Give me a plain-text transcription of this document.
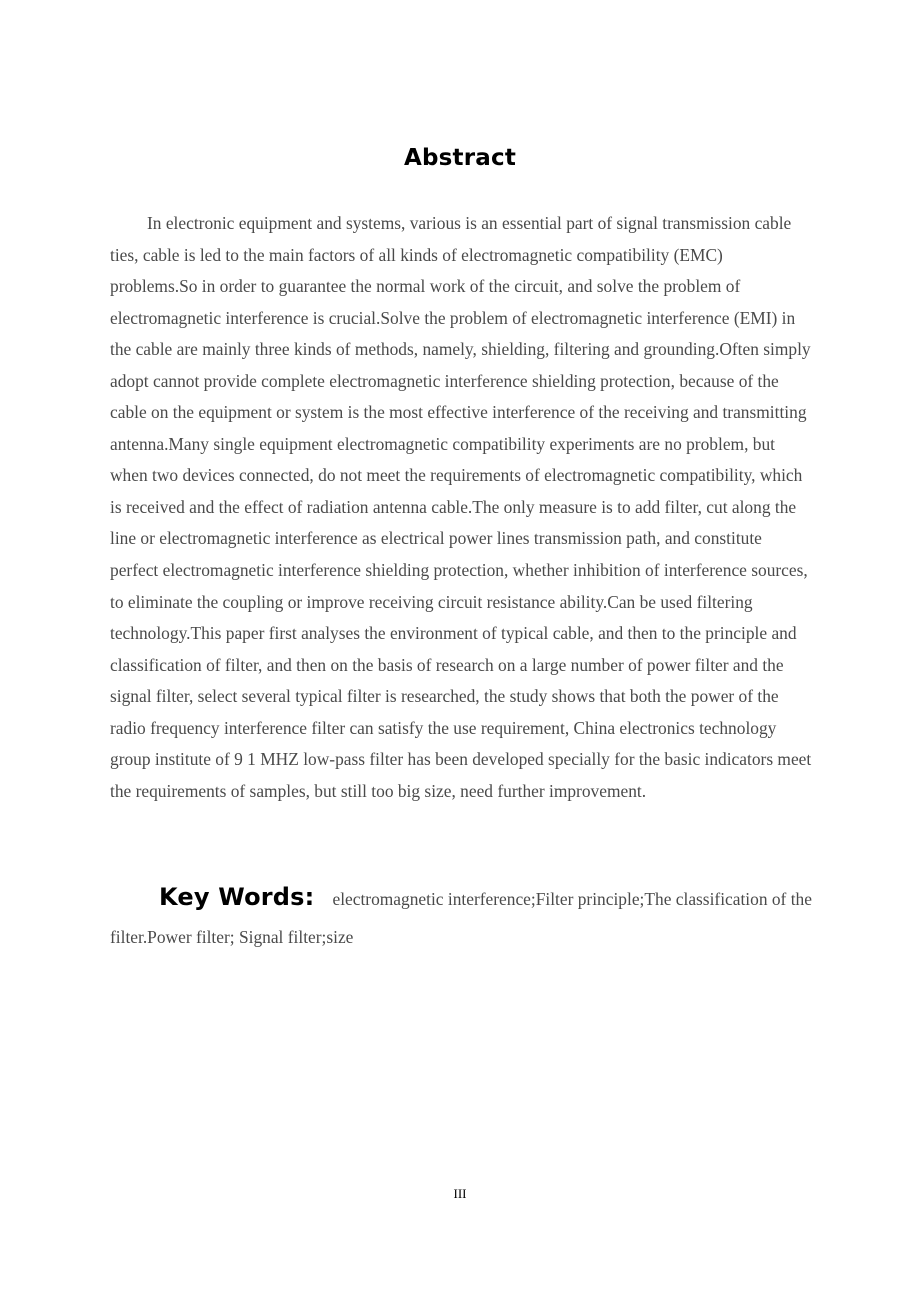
Abstract

In electronic equipment and systems, various is an essential part of signal transmission cable ties, cable is led to the main factors of all kinds of electromagnetic compatibility (EMC) problems.So in order to guarantee the normal work of the circuit, and solve the problem of electromagnetic interference is crucial.Solve the problem of electromagnetic interference (EMI) in the cable are mainly three kinds of methods, namely, shielding, filtering and grounding.Often simply adopt cannot provide complete electromagnetic interference shielding protection, because of the cable on the equipment or system is the most effective interference of the receiving and transmitting antenna.Many single equipment electromagnetic compatibility experiments are no problem, but when two devices connected, do not meet the requirements of electromagnetic compatibility, which is received and the effect of radiation antenna cable.The only measure is to add filter, cut along the line or electromagnetic interference as electrical power lines transmission path, and constitute perfect electromagnetic interference shielding protection, whether inhibition of interference sources, to eliminate the coupling or improve receiving circuit resistance ability.Can be used filtering technology.This paper first analyses the environment of typical cable, and then to the principle and classification of filter, and then on the basis of research on a large number of power filter and the signal filter, select several typical filter is researched, the study shows that both the power of the radio frequency interference filter can satisfy the use requirement, China electronics technology group institute of 9 1 MHZ low-pass filter has been developed specially for the basic indicators meet the requirements of samples, but still too big size, need further improvement.

Key Words: electromagnetic interference;Filter principle;The classification of the filter.Power filter; Signal filter;size

III
